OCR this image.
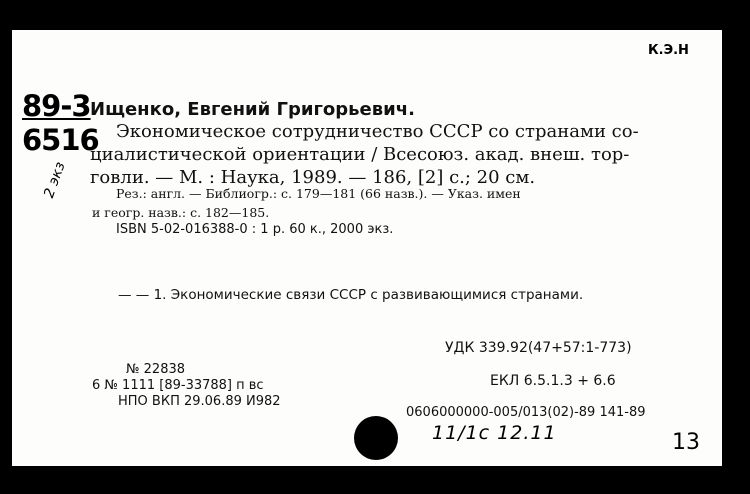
К.Э.Н
89-3
6516
2 экз
Ищенко, Евгений Григорьевич.
Экономическое сотрудничество СССР со странами со-
циалистической ориентации / Всесоюз. акад. внеш. тор-
говли. — М. : Наука, 1989. — 186, [2] с.; 20 см.
Рез.: англ. — Библиогр.: с. 179—181 (66 назв.). — Указ. имен
и геогр. назв.: с. 182—185.
ISBN 5-02-016388-0 : 1 р. 60 к., 2000 экз.
— — 1. Экономические связи СССР с развивающимися странами.
УДК 339.92(47+57:1-773)
ЕКЛ 6.5.1.3 + 6.6
№ 22838
6 № 1111 [89-33788] п вс
НПО ВКП 29.06.89 И982
0606000000-005/013(02)-89 141-89
11/1с 12.11	13
